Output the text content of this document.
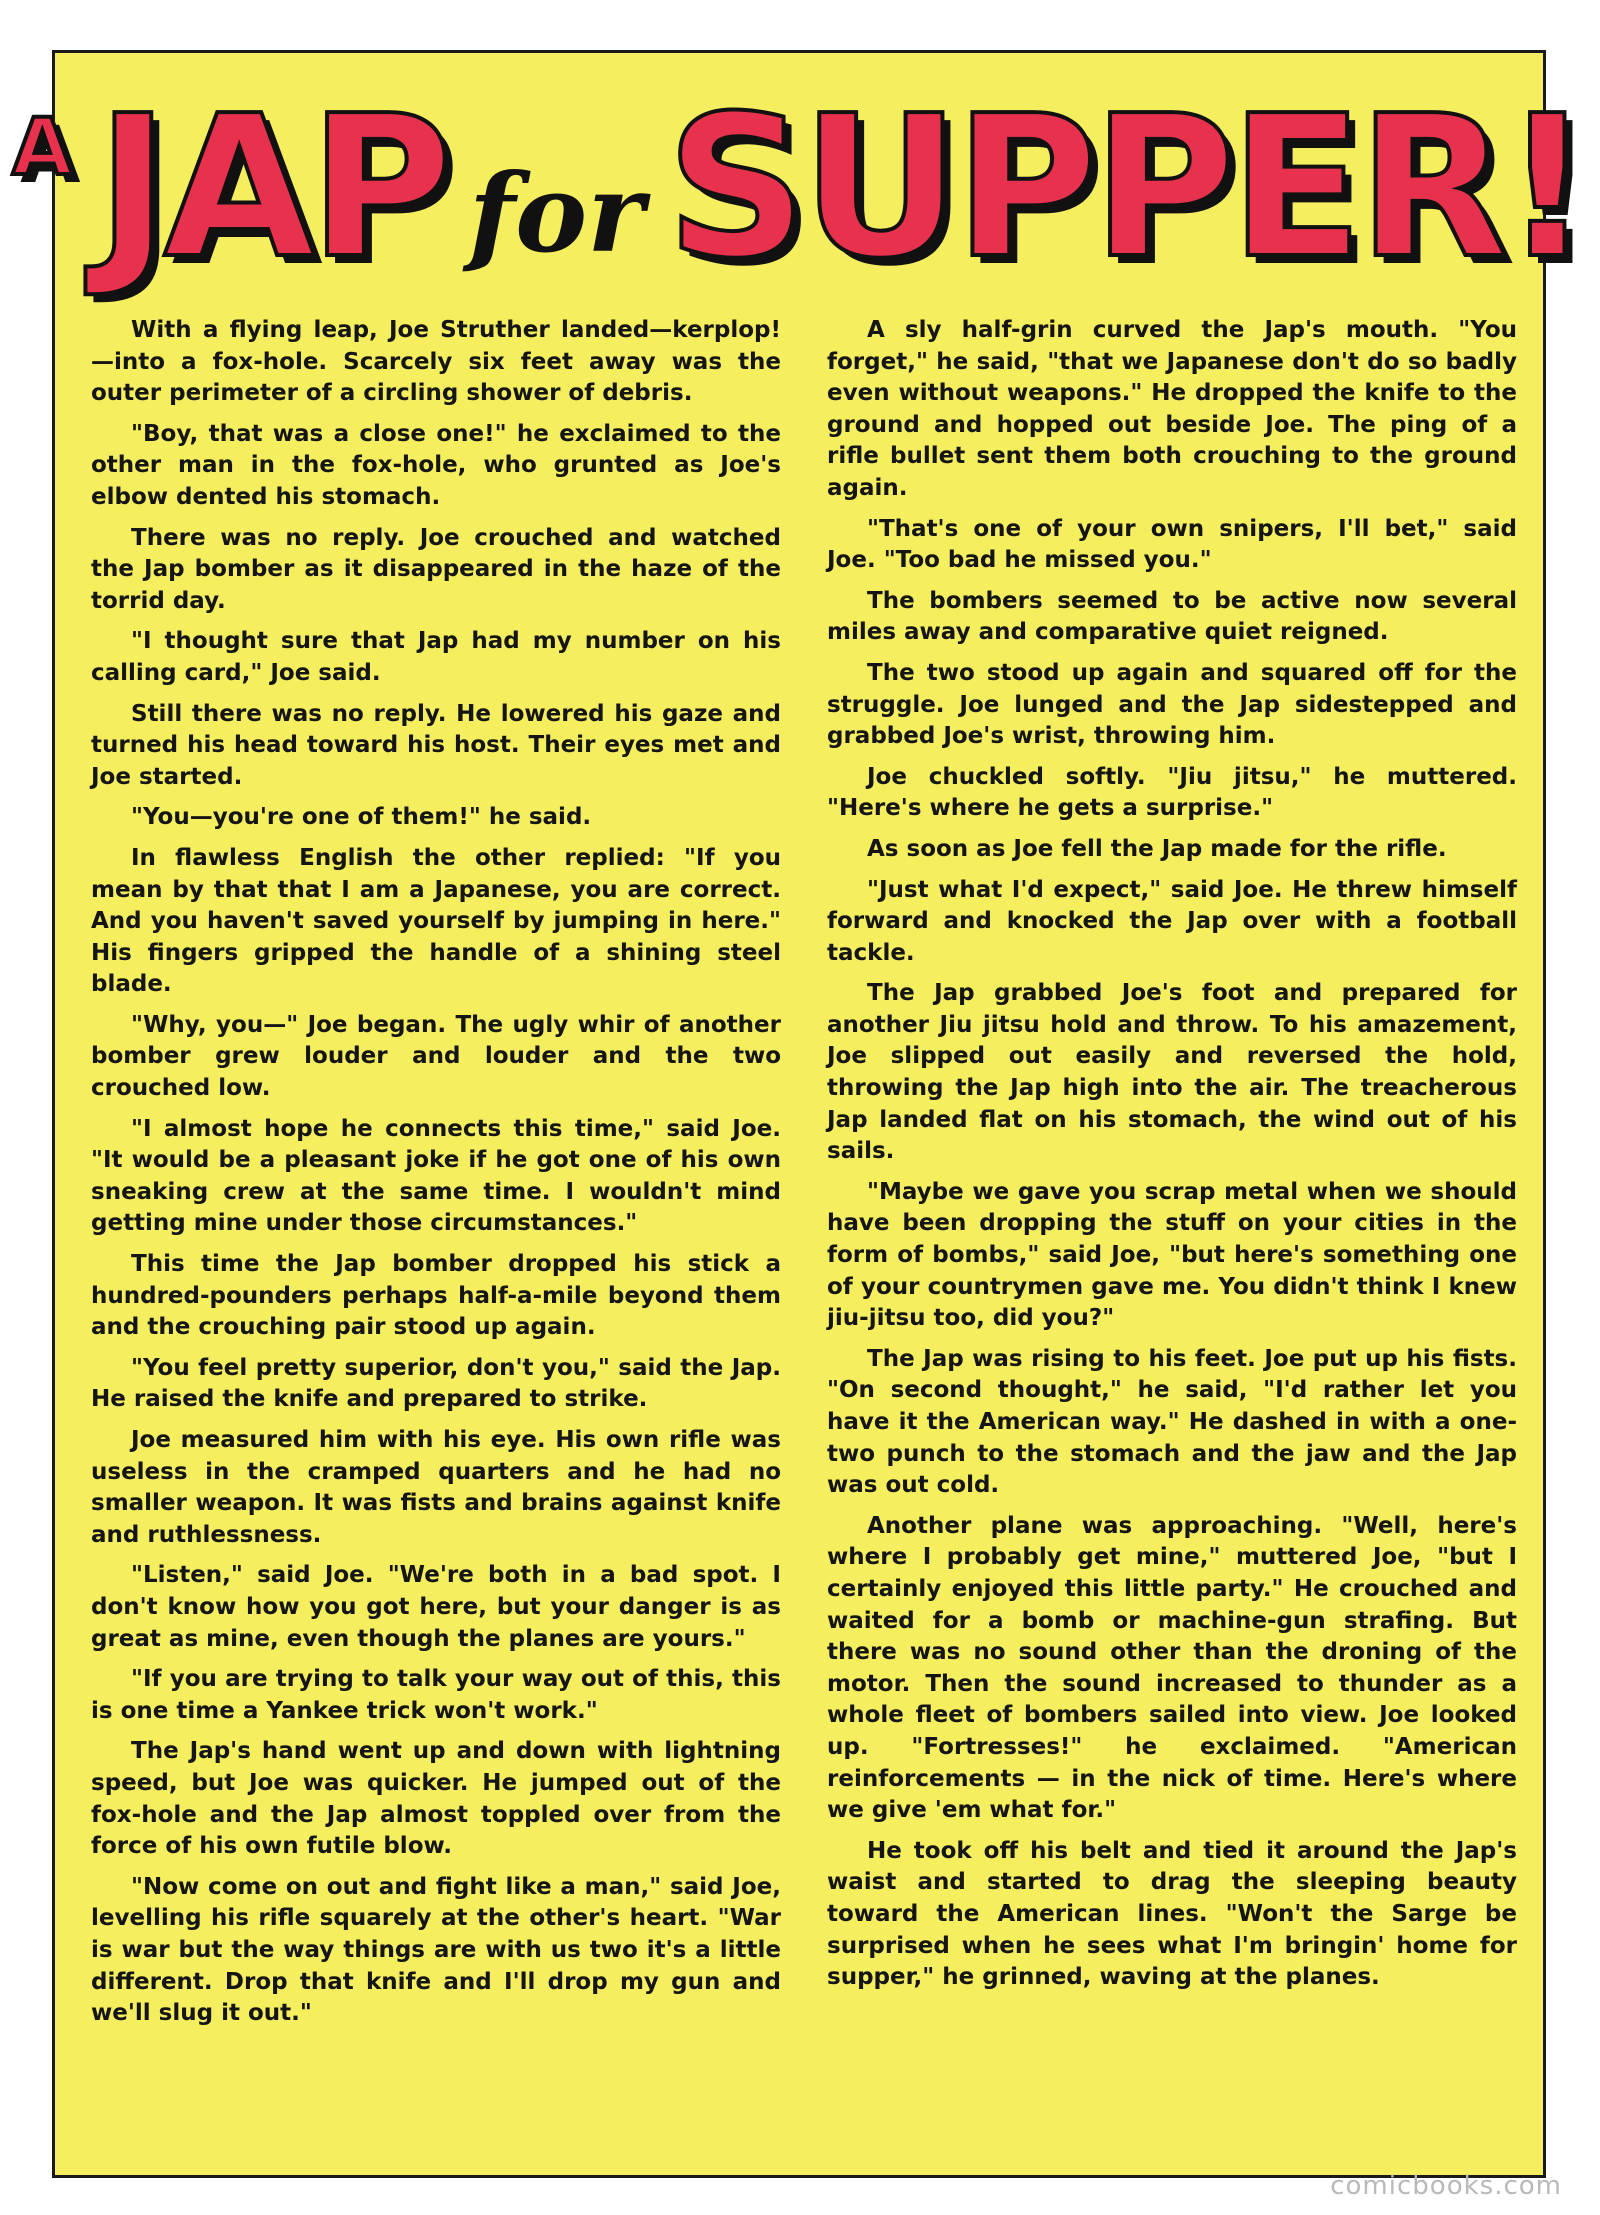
A JAP for SUPPER!

With a flying leap, Joe Struther landed—kerplop!—into a fox-hole. Scarcely six feet away was the outer perimeter of a circling shower of debris.

"Boy, that was a close one!" he exclaimed to the other man in the fox-hole, who grunted as Joe's elbow dented his stomach.

There was no reply. Joe crouched and watched the Jap bomber as it disappeared in the haze of the torrid day.

"I thought sure that Jap had my number on his calling card," Joe said.

Still there was no reply. He lowered his gaze and turned his head toward his host. Their eyes met and Joe started.

"You—you're one of them!" he said.

In flawless English the other replied: "If you mean by that that I am a Japanese, you are correct. And you haven't saved yourself by jumping in here." His fingers gripped the handle of a shining steel blade.

"Why, you—" Joe began. The ugly whir of another bomber grew louder and louder and the two crouched low.

"I almost hope he connects this time," said Joe. "It would be a pleasant joke if he got one of his own sneaking crew at the same time. I wouldn't mind getting mine under those circumstances."

This time the Jap bomber dropped his stick a hundred-pounders perhaps half-a-mile beyond them and the crouching pair stood up again.

"You feel pretty superior, don't you," said the Jap. He raised the knife and prepared to strike.

Joe measured him with his eye. His own rifle was useless in the cramped quarters and he had no smaller weapon. It was fists and brains against knife and ruthlessness.

"Listen," said Joe. "We're both in a bad spot. I don't know how you got here, but your danger is as great as mine, even though the planes are yours."

"If you are trying to talk your way out of this, this is one time a Yankee trick won't work."

The Jap's hand went up and down with lightning speed, but Joe was quicker. He jumped out of the fox-hole and the Jap almost toppled over from the force of his own futile blow.

"Now come on out and fight like a man," said Joe, levelling his rifle squarely at the other's heart. "War is war but the way things are with us two it's a little different. Drop that knife and I'll drop my gun and we'll slug it out."

A sly half-grin curved the Jap's mouth. "You forget," he said, "that we Japanese don't do so badly even without weapons." He dropped the knife to the ground and hopped out beside Joe. The ping of a rifle bullet sent them both crouching to the ground again.

"That's one of your own snipers, I'll bet," said Joe. "Too bad he missed you."

The bombers seemed to be active now several miles away and comparative quiet reigned.

The two stood up again and squared off for the struggle. Joe lunged and the Jap sidestepped and grabbed Joe's wrist, throwing him.

Joe chuckled softly. "Jiu jitsu," he muttered. "Here's where he gets a surprise."

As soon as Joe fell the Jap made for the rifle.

"Just what I'd expect," said Joe. He threw himself forward and knocked the Jap over with a football tackle.

The Jap grabbed Joe's foot and prepared for another Jiu jitsu hold and throw. To his amazement, Joe slipped out easily and reversed the hold, throwing the Jap high into the air. The treacherous Jap landed flat on his stomach, the wind out of his sails.

"Maybe we gave you scrap metal when we should have been dropping the stuff on your cities in the form of bombs," said Joe, "but here's something one of your countrymen gave me. You didn't think I knew jiu-jitsu too, did you?"

The Jap was rising to his feet. Joe put up his fists. "On second thought," he said, "I'd rather let you have it the American way." He dashed in with a one-two punch to the stomach and the jaw and the Jap was out cold.

Another plane was approaching. "Well, here's where I probably get mine," muttered Joe, "but I certainly enjoyed this little party." He crouched and waited for a bomb or machine-gun strafing. But there was no sound other than the droning of the motor. Then the sound increased to thunder as a whole fleet of bombers sailed into view. Joe looked up. "Fortresses!" he exclaimed. "American reinforcements — in the nick of time. Here's where we give 'em what for."

He took off his belt and tied it around the Jap's waist and started to drag the sleeping beauty toward the American lines. "Won't the Sarge be surprised when he sees what I'm bringin' home for supper," he grinned, waving at the planes.

comicbooks.com
